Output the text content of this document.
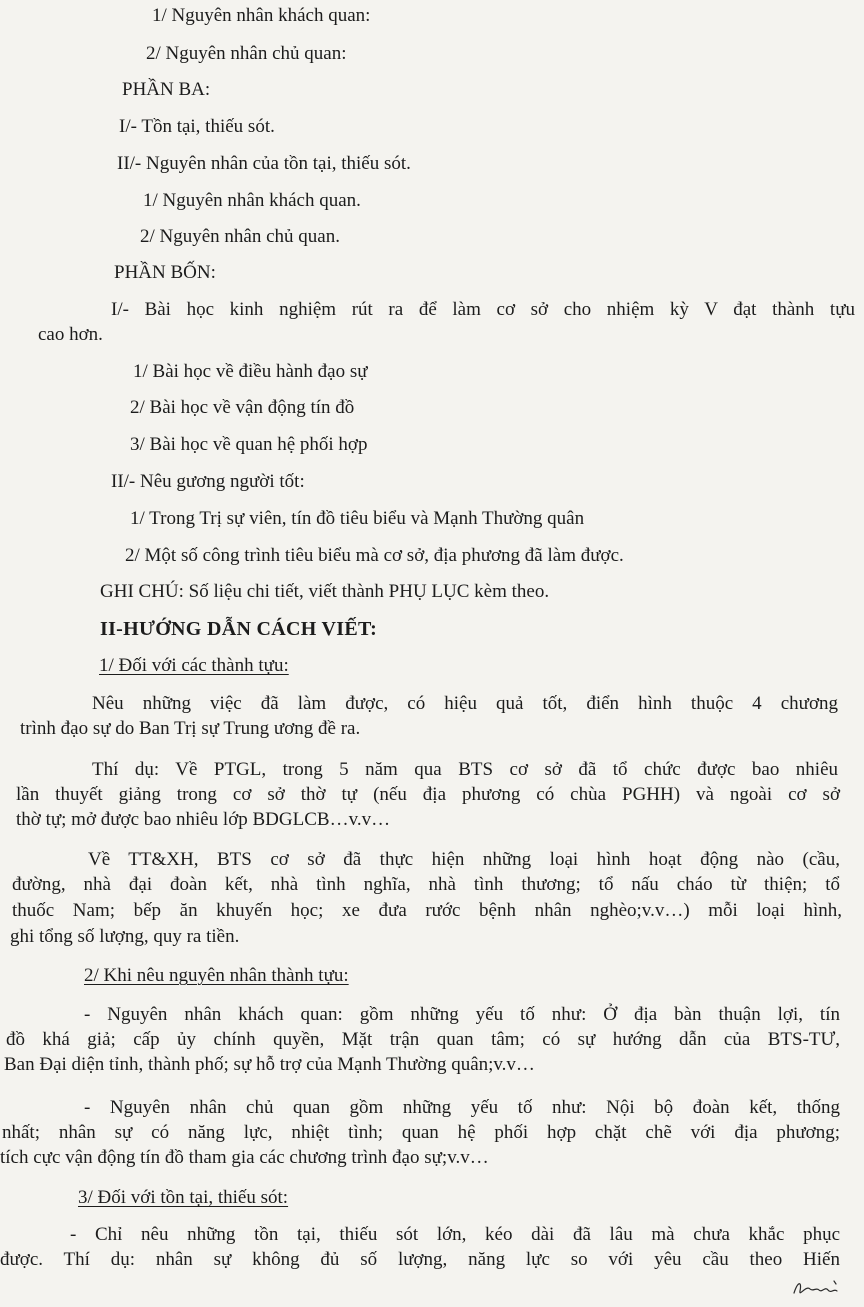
1/ Nguyên nhân khách quan:
2/ Nguyên nhân chủ quan:
PHẦN BA:
I/- Tồn tại, thiếu sót.
II/- Nguyên nhân của tồn tại, thiếu sót.
1/ Nguyên nhân khách quan.
2/ Nguyên nhân chủ quan.
PHẦN BỐN:
I/- Bài học kinh nghiệm rút ra để làm cơ sở cho nhiệm kỳ V đạt thành tựu
cao hơn.
1/ Bài học về điều hành đạo sự
2/ Bài học về vận động tín đồ
3/ Bài học về quan hệ phối hợp
II/- Nêu gương người tốt:
1/ Trong Trị sự viên, tín đồ tiêu biểu và Mạnh Thường quân
2/ Một số công trình tiêu biểu mà cơ sở, địa phương đã làm được.
GHI CHÚ: Số liệu chi tiết, viết thành PHỤ LỤC kèm theo.
II-HƯỚNG DẪN CÁCH VIẾT:
1/ Đối với các thành tựu:
Nêu những việc đã làm được, có hiệu quả tốt, điển hình thuộc 4 chương
trình đạo sự do Ban Trị sự Trung ương đề ra.
Thí dụ: Về PTGL, trong 5 năm qua BTS cơ sở đã tổ chức được bao nhiêu
lần thuyết giảng trong cơ sở thờ tự (nếu địa phương có chùa PGHH) và ngoài cơ sở
thờ tự; mở được bao nhiêu lớp BDGLCB…v.v…
Về TT&XH, BTS cơ sở đã thực hiện những loại hình hoạt động nào (cầu,
đường, nhà đại đoàn kết, nhà tình nghĩa, nhà tình thương; tổ nấu cháo từ thiện; tổ
thuốc Nam; bếp ăn khuyến học; xe đưa rước bệnh nhân nghèo;v.v…) mỗi loại hình,
ghi tổng số lượng, quy ra tiền.
2/ Khi nêu nguyên nhân thành tựu:
- Nguyên nhân khách quan: gồm những yếu tố như: Ở địa bàn thuận lợi, tín
đồ khá giả; cấp ủy chính quyền, Mặt trận quan tâm; có sự hướng dẫn của BTS-TƯ,
Ban Đại diện tỉnh, thành phố; sự hỗ trợ của Mạnh Thường quân;v.v…
- Nguyên nhân chủ quan gồm những yếu tố như: Nội bộ đoàn kết, thống
nhất; nhân sự có năng lực, nhiệt tình; quan hệ phối hợp chặt chẽ với địa phương;
tích cực vận động tín đồ tham gia các chương trình đạo sự;v.v…
3/ Đối với tồn tại, thiếu sót:
- Chỉ nêu những tồn tại, thiếu sót lớn, kéo dài đã lâu mà chưa khắc phục
được. Thí dụ: nhân sự không đủ số lượng, năng lực so với yêu cầu theo Hiến
